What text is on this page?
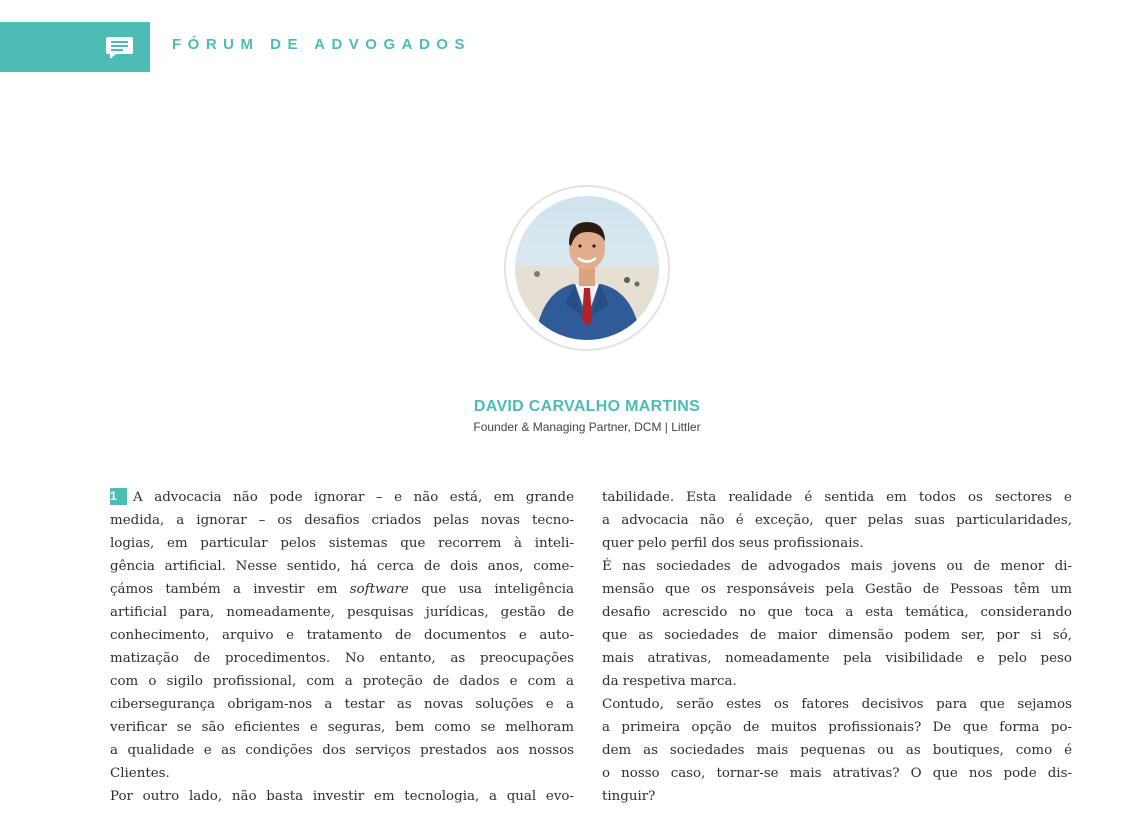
FÓRUM DE ADVOGADOS
DAVID CARVALHO MARTINS
Founder & Managing Partner, DCM | Littler
1 A advocacia não pode ignorar – e não está, em grande
medida, a ignorar – os desafios criados pelas novas tecno-
logias, em particular pelos sistemas que recorrem à inteli-
gência artificial. Nesse sentido, há cerca de dois anos, come-
çámos também a investir em software que usa inteligência
artificial para, nomeadamente, pesquisas jurídicas, gestão de
conhecimento, arquivo e tratamento de documentos e auto-
matização de procedimentos. No entanto, as preocupações
com o sigilo profissional, com a proteção de dados e com a
cibersegurança obrigam-nos a testar as novas soluções e a
verificar se são eficientes e seguras, bem como se melhoram
a qualidade e as condições dos serviços prestados aos nossos
Clientes.
Por outro lado, não basta investir em tecnologia, a qual evo-
tabilidade. Esta realidade é sentida em todos os sectores e
a advocacia não é exceção, quer pelas suas particularidades,
quer pelo perfil dos seus profissionais.
É nas sociedades de advogados mais jovens ou de menor di-
mensão que os responsáveis pela Gestão de Pessoas têm um
desafio acrescido no que toca a esta temática, considerando
que as sociedades de maior dimensão podem ser, por si só,
mais atrativas, nomeadamente pela visibilidade e pelo peso
da respetiva marca.
Contudo, serão estes os fatores decisivos para que sejamos
a primeira opção de muitos profissionais? De que forma po-
dem as sociedades mais pequenas ou as boutiques, como é
o nosso caso, tornar-se mais atrativas? O que nos pode dis-
tinguir?
